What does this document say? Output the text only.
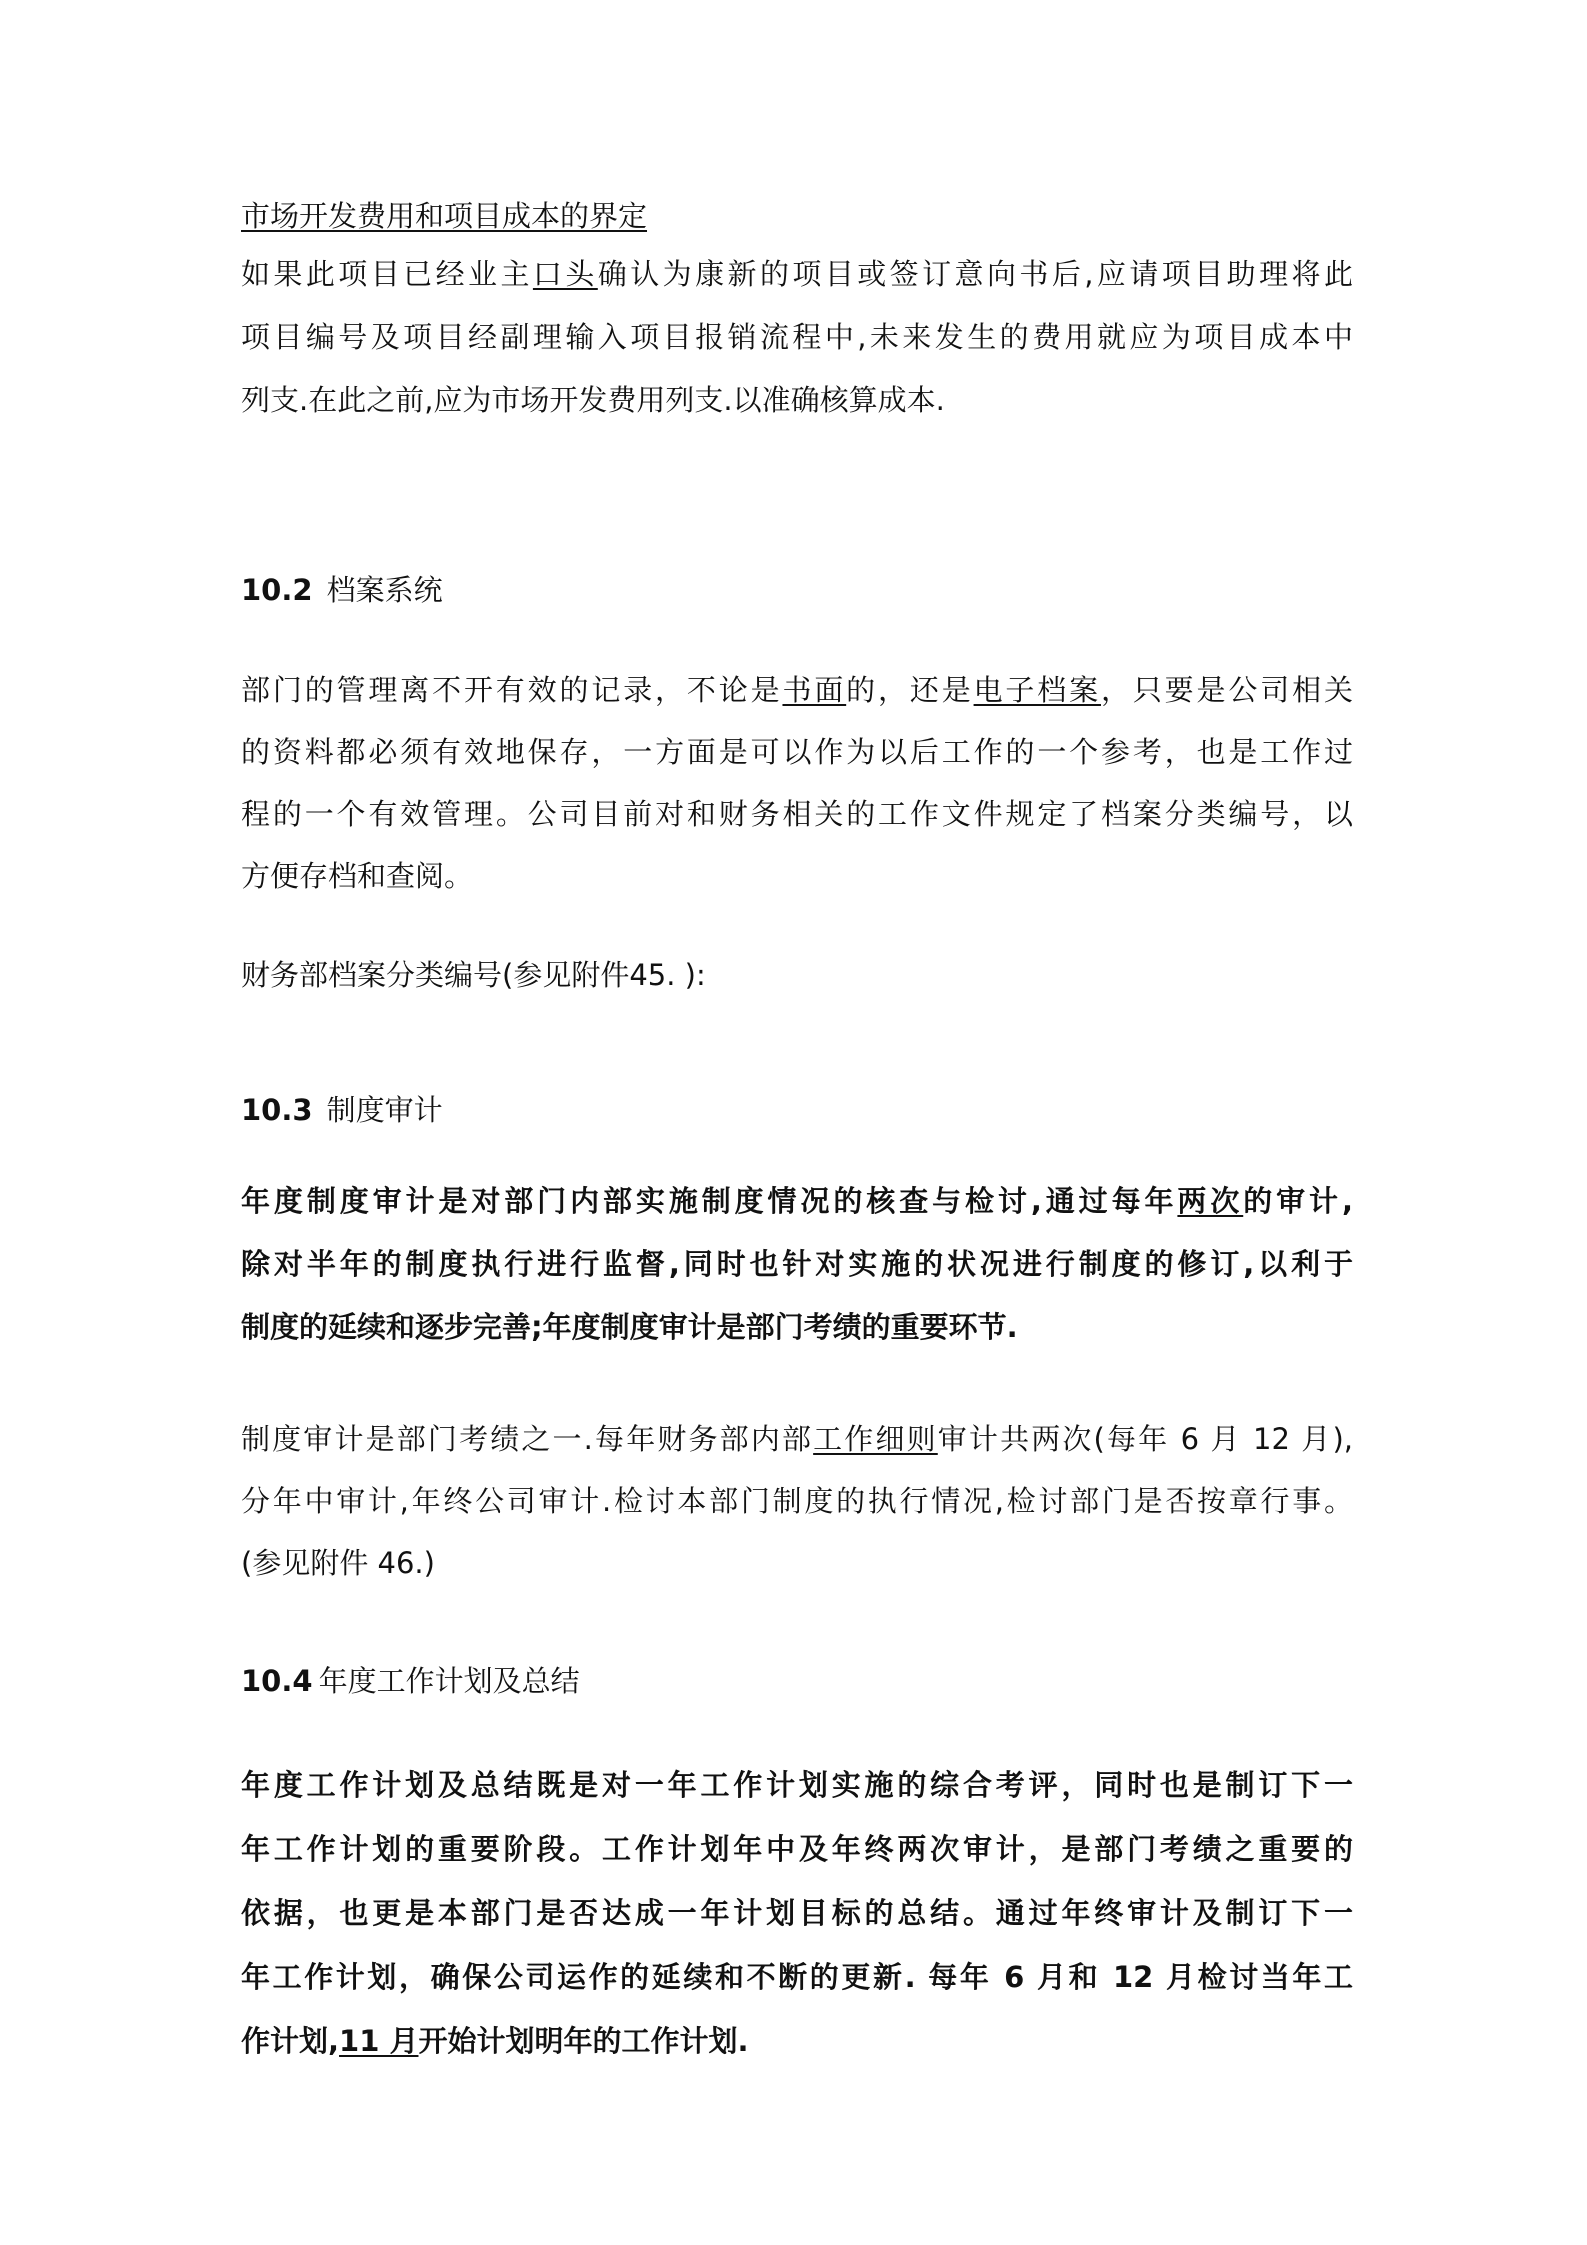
市场开发费用和项目成本的界定
如果此项目已经业主口头确认为康新的项目或签订意向书后,应请项目助理将此
项目编号及项目经副理输入项目报销流程中,未来发生的费用就应为项目成本中
列支.在此之前,应为市场开发费用列支.以准确核算成本.
10.2 档案系统
部门的管理离不开有效的记录，不论是书面的，还是电子档案，只要是公司相关
的资料都必须有效地保存，一方面是可以作为以后工作的一个参考，也是工作过
程的一个有效管理。公司目前对和财务相关的工作文件规定了档案分类编号，以
方便存档和查阅。
财务部档案分类编号(参见附件45. ):
10.3 制度审计
年度制度审计是对部门内部实施制度情况的核查与检讨,通过每年两次的审计,
除对半年的制度执行进行监督,同时也针对实施的状况进行制度的修订,以利于
制度的延续和逐步完善;年度制度审计是部门考绩的重要环节.
制度审计是部门考绩之一.每年财务部内部工作细则审计共两次(每年 6 月 12 月),
分年中审计,年终公司审计.检讨本部门制度的执行情况,检讨部门是否按章行事。
(参见附件 46.)
10.4 年度工作计划及总结
年度工作计划及总结既是对一年工作计划实施的综合考评，同时也是制订下一
年工作计划的重要阶段。工作计划年中及年终两次审计，是部门考绩之重要的
依据，也更是本部门是否达成一年计划目标的总结。通过年终审计及制订下一
年工作计划，确保公司运作的延续和不断的更新. 每年 6 月和 12 月检讨当年工
作计划,11 月开始计划明年的工作计划.
